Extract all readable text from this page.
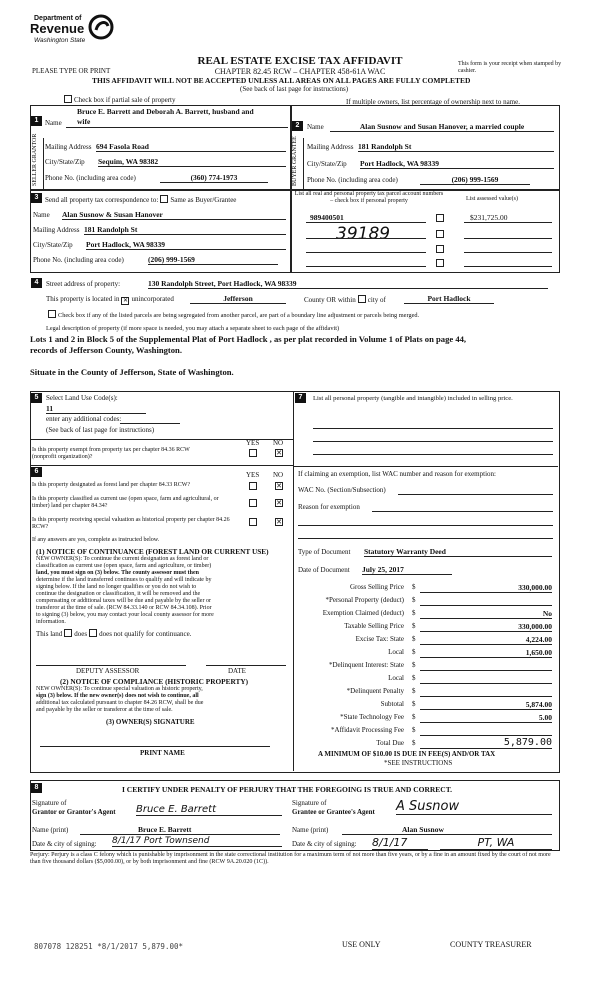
Department of
Revenue
Washington State
REAL ESTATE EXCISE TAX AFFIDAVIT
PLEASE TYPE OR PRINT	CHAPTER 82.45 RCW – CHAPTER 458-61A WAC
This form is your receipt when stamped by cashier.
THIS AFFIDAVIT WILL NOT BE ACCEPTED UNLESS ALL AREAS ON ALL PAGES ARE FULLY COMPLETED
(See back of last page for instructions)
Check box if partial sale of property	If multiple owners, list percentage of ownership next to name.
1
2
SELLER GRANTOR	BUYER GRANTEE
Bruce E. Barrett and Deborah A. Barrett, husband and
Name wife
Mailing Address 694 Fasola Road
City/State/Zip Sequim, WA 98382
Phone No. (including area code)	(360) 774-1973
Name	Alan Susnow and Susan Hanover, a married couple
Mailing Address 181 Randolph St
City/State/Zip Port Hadlock, WA 98339
Phone No. (including area code)	(206) 999-1569
3 Send all property tax correspondence to: Same as Buyer/Grantee
Name Alan Susnow & Susan Hanover
Mailing Address 181 Randolph St
City/State/Zip Port Hadlock, WA 98339
Phone No. (including area code)	(206) 999-1569
List all real and personal property tax parcel account numbers – check box if personal property	List assessed value(s)
989400501	$231,725.00
39189
4	Street address of property:	130 Randolph Street, Port Hadlock, WA 98339
This property is located in ✕ unincorporated	Jefferson	County OR within city of	Port Hadlock
Check box if any of the listed parcels are being segregated from another parcel, are part of a boundary line adjustment or parcels being merged.
Legal description of property (if more space is needed, you may attach a separate sheet to each page of the affidavit)
Lots 1 and 2 in Block 5 of the Supplemental Plat of Port Hadlock , as per plat recorded in Volume 1 of Plats on page 44,
records of Jefferson County, Washington.
Situate in the County of Jefferson, State of Washington.
5	Select Land Use Code(s):
11
enter any additional codes:
(See back of last page for instructions)
YES NO
Is this property exempt from property tax per chapter 84.36 RCW (nonprofit organization)?	✕
6	YES NO
Is this property designated as forest land per chapter 84.33 RCW?	✕
Is this property classified as current use (open space, farm and agricultural, or timber) land per chapter 84.34?	✕
Is this property receiving special valuation as historical property per chapter 84.26 RCW?
✕
If any answers are yes, complete as instructed below.
(1) NOTICE OF CONTINUANCE (FOREST LAND OR CURRENT USE)
NEW OWNER(S): To continue the current designation as forest land or
classification as current use (open space, farm and agriculture, or timber)
land, you must sign on (3) below. The county assessor must then
determine if the land transferred continues to qualify and will indicate by
signing below. If the land no longer qualifies or you do not wish to
continue the designation or classification, it will be removed and the
compensating or additional taxes will be due and payable by the seller or
transferor at the time of sale. (RCW 84.33.140 or RCW 84.34.108). Prior
to signing (3) below, you may contact your local county assessor for more
information.
This land does does not qualify for continuance.
DEPUTY ASSESSOR	DATE
(2) NOTICE OF COMPLIANCE (HISTORIC PROPERTY)
NEW OWNER(S): To continue special valuation as historic property,
sign (3) below. If the new owner(s) does not wish to continue, all
additional tax calculated pursuant to chapter 84.26 RCW, shall be due
and payable by the seller or transferor at the time of sale.
(3) OWNER(S) SIGNATURE
PRINT NAME
7	List all personal property (tangible and intangible) included in selling price.
If claiming an exemption, list WAC number and reason for exemption:
WAC No. (Section/Subsection)
Reason for exemption
Type of Document Statutory Warranty Deed
Date of Document July 25, 2017
Gross Selling Price $	330,000.00
*Personal Property (deduct) $
Exemption Claimed (deduct) $	No
Taxable Selling Price $	330,000.00
Excise Tax: State $	4,224.00
Local $	1,650.00
*Delinquent Interest: State $
Local $
*Delinquent Penalty $
Subtotal $	5,874.00
*State Technology Fee $	5.00
*Affidavit Processing Fee $
Total Due $	5,879.00
A MINIMUM OF $10.00 IS DUE IN FEE(S) AND/OR TAX
*SEE INSTRUCTIONS
8	I CERTIFY UNDER PENALTY OF PERJURY THAT THE FOREGOING IS TRUE AND CORRECT.
Signature of
Grantor or Grantor's Agent Bruce E. Barrett
Signature of
Grantee or Grantee's Agent A Susnow
Name (print)	Bruce E. Barrett	Name (print)	Alan Susnow
Date & city of signing: 8/1/17 Port Townsend	Date & city of signing: 8/1/17	PT, WA
Perjury: Perjury is a class C felony which is punishable by imprisonment in the state correctional institution for a maximum term of not more than five years, or by a fine in an amount fixed by the court of not more than five thousand dollars ($5,000.00), or by both imprisonment and fine (RCW 9A.20.020 (1C)).
807078 128251 *8/1/2017 5,879.00*	USE ONLY	COUNTY TREASURER
